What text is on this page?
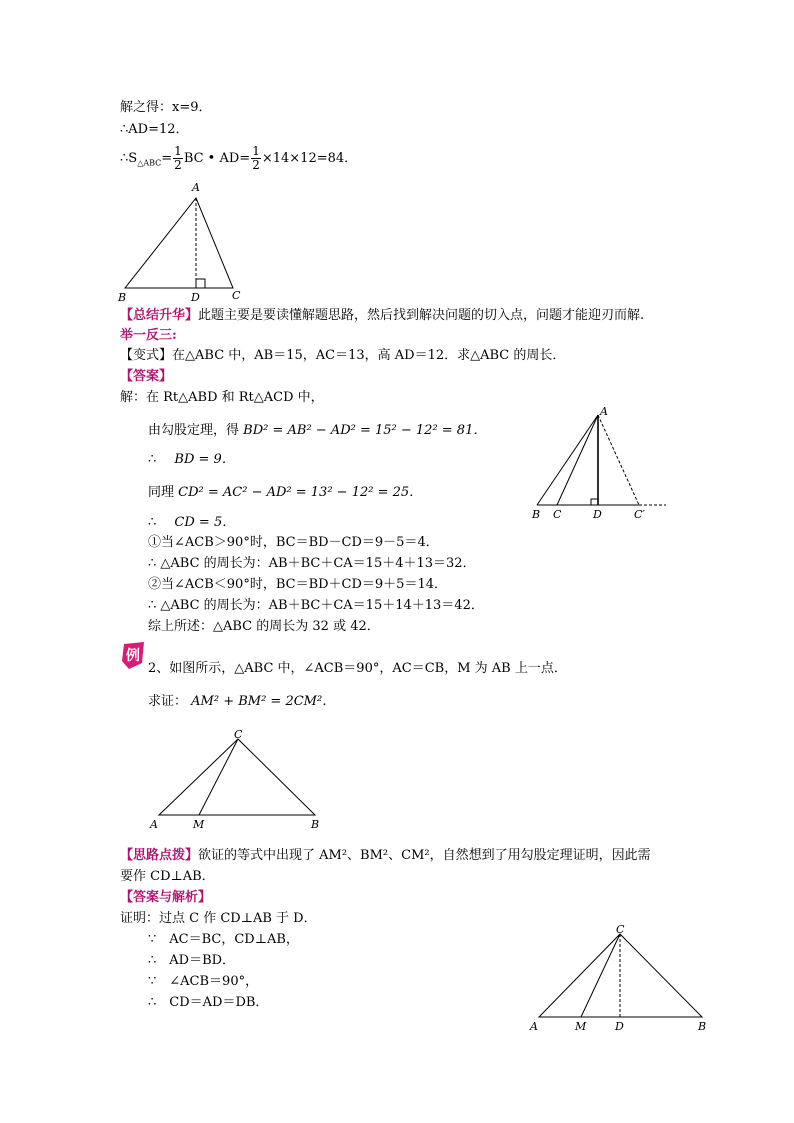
解之得：x=9．
∴AD=12．
$\therefore S_{\triangle ABC}= \frac{1}{2}$ BC • $AD= \frac{1}{2} \times 14\times 12=84$．
A
B	D	C
【总结升华】此题主要是要读懂解题思路，然后找到解决问题的切入点，问题才能迎刃而解.
举一反三:
【变式】在△ABC 中，AB＝15，AC＝13，高 AD＝12．求△ABC 的周长．
【答案】
解：在 Rt△ABD 和 Rt△ACD 中，
由勾股定理，得 BD² = AB² − AD² = 15² − 12² = 81．
∴ BD = 9．
同理 CD² = AC² − AD² = 13² − 12² = 25．
∴ CD = 5．
①当∠ACB＞90°时，BC＝BD－CD＝9－5＝4．
∴ △ABC 的周长为：AB＋BC＋CA＝15＋4＋13＝32．
②当∠ACB＜90°时，BC＝BD＋CD＝9＋5＝14．
∴ △ABC 的周长为：AB＋BC＋CA＝15＋14＋13＝42．
综上所述：△ABC 的周长为 32 或 42．
A
B C	D	C′
例
2、如图所示，△ABC 中，∠ACB＝90°，AC＝CB，M 为 AB 上一点．
求证： AM² + BM² = 2CM²．
C
A	M	B
【思路点拨】欲证的等式中出现了 AM²、BM²、CM²，自然想到了用勾股定理证明，因此需
要作 CD⊥AB．
【答案与解析】
证明：过点 C 作 CD⊥AB 于 D．
∵　AC＝BC，CD⊥AB，
∴　AD＝BD．
∵　∠ACB＝90°，
∴　CD＝AD＝DB．
C
A	M	D	B
